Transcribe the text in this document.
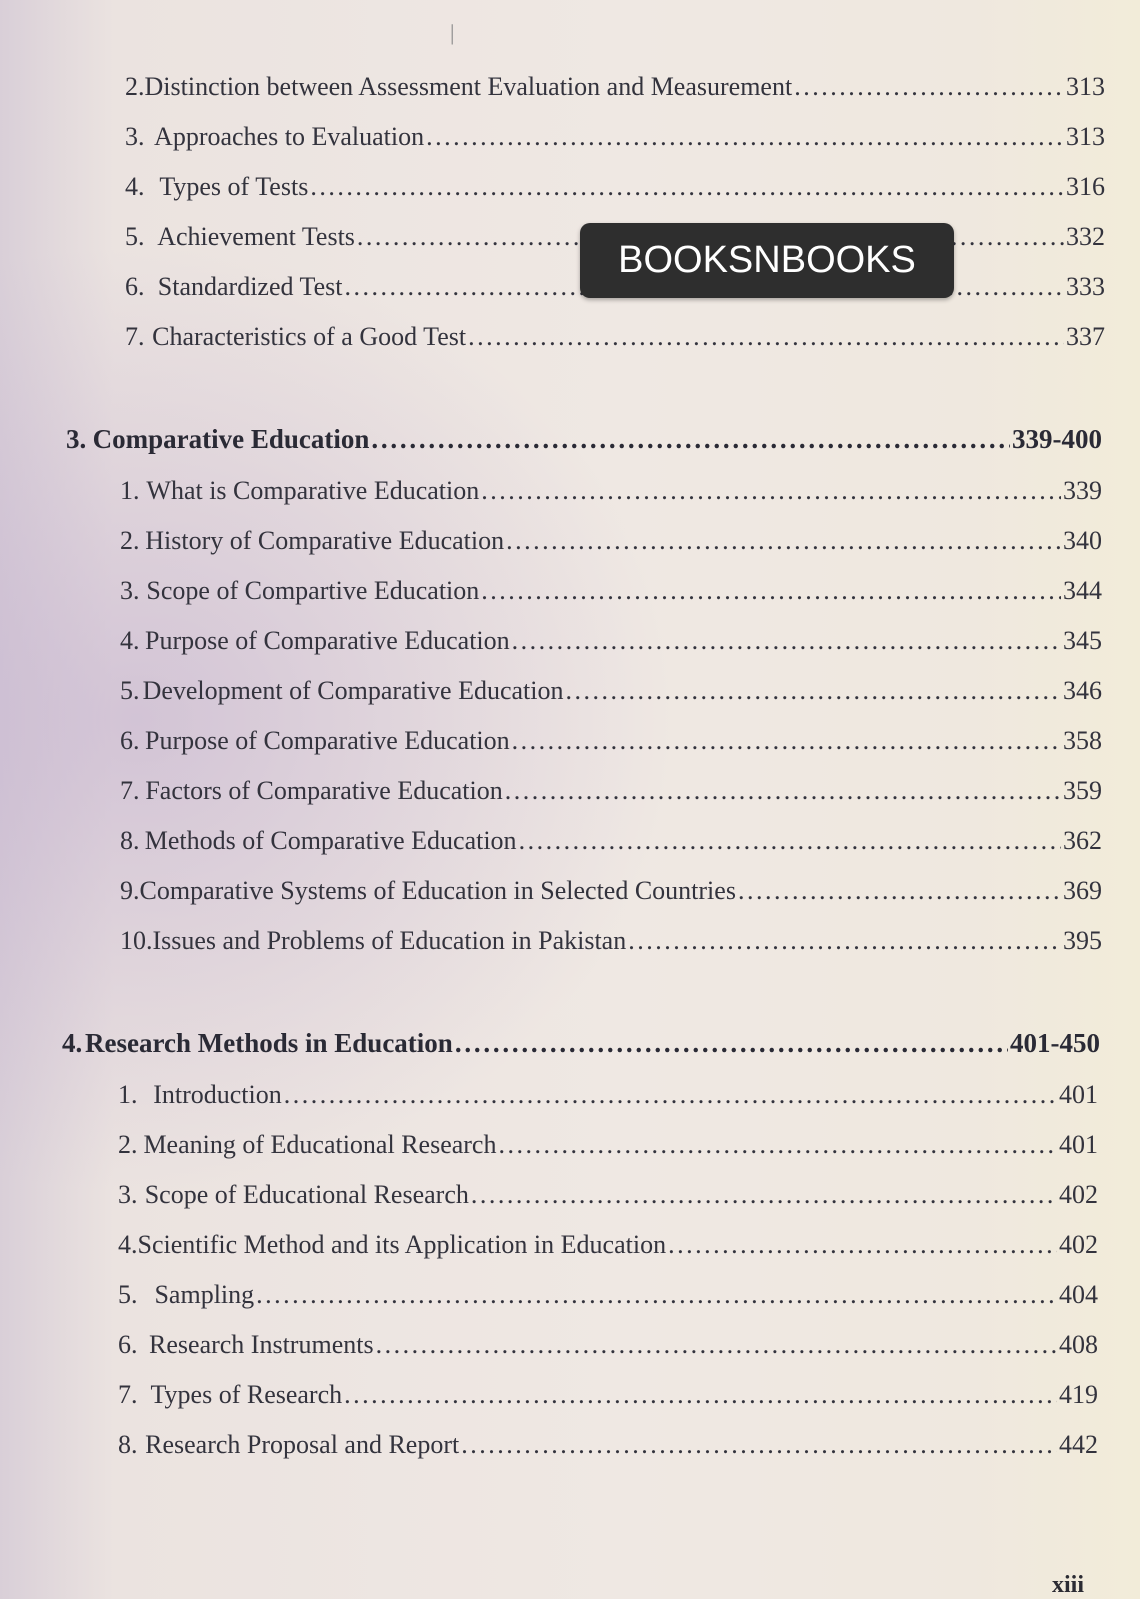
|
2. Distinction between Assessment Evaluation and Measurement . . .	313
3. Approaches to Evaluation . . .	313
4. Types of Tests . . .	316
5. Achievement Tests . . .	332
6. Standardized Test . . .	333
7. Characteristics of a Good Test . . .	337
3. Comparative Education . . .	339-400
1. What is Comparative Education . . .	339
2. History of Comparative Education . . .	340
3. Scope of Compartive Education . . .	344
4. Purpose of Comparative Education . . .	345
5. Development of Comparative Education . . .	346
6. Purpose of Comparative Education . . .	358
7. Factors of Comparative Education . . .	359
8. Methods of Comparative Education . . .	362
9. Comparative Systems of Education in Selected Countries . . .	369
10. Issues and Problems of Education in Pakistan . . .	395
4. Research Methods in Education . . .	401-450
1. Introduction . . .	401
2. Meaning of Educational Research . . .	401
3. Scope of Educational Research . . .	402
4. Scientific Method and its Application in Education . . .	402
5. Sampling . . .	404
6. Research Instruments . . .	408
7. Types of Research . . .	419
8. Research Proposal and Report . . .	442
BOOKSNBOOKS
xiii
